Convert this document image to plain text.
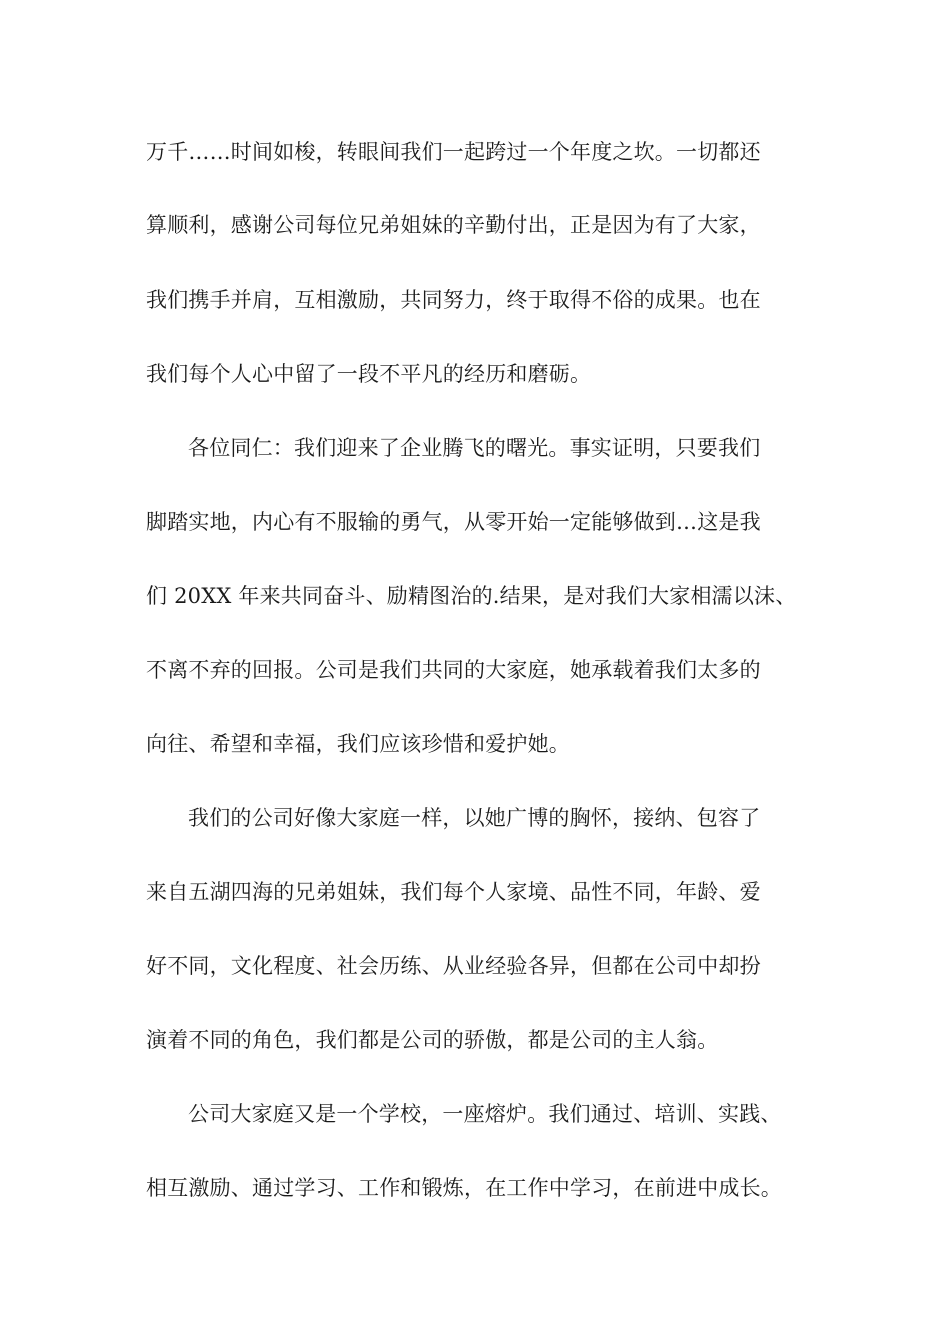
万千……时间如梭，转眼间我们一起跨过一个年度之坎。一切都还

算顺利，感谢公司每位兄弟姐妹的辛勤付出，正是因为有了大家，

我们携手并肩，互相激励，共同努力，终于取得不俗的成果。也在

我们每个人心中留了一段不平凡的经历和磨砺。

各位同仁：我们迎来了企业腾飞的曙光。事实证明，只要我们

脚踏实地，内心有不服输的勇气，从零开始一定能够做到…这是我

们 20XX 年来共同奋斗、励精图治的.结果，是对我们大家相濡以沫、

不离不弃的回报。公司是我们共同的大家庭，她承载着我们太多的

向往、希望和幸福，我们应该珍惜和爱护她。

我们的公司好像大家庭一样，以她广博的胸怀，接纳、包容了

来自五湖四海的兄弟姐妹，我们每个人家境、品性不同，年龄、爱

好不同，文化程度、社会历练、从业经验各异，但都在公司中却扮

演着不同的角色，我们都是公司的骄傲，都是公司的主人翁。

公司大家庭又是一个学校，一座熔炉。我们通过、培训、实践、

相互激励、通过学习、工作和锻炼，在工作中学习，在前进中成长。
